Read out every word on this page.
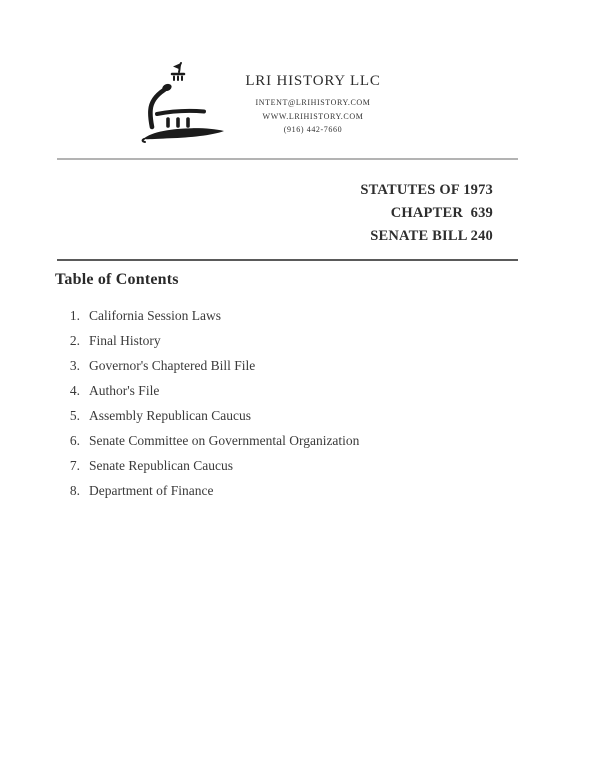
LRI HISTORY LLC
INTENT@LRIHISTORY.COM
WWW.LRIHISTORY.COM
(916) 442-7660
STATUTES OF 1973
CHAPTER  639
SENATE BILL 240
Table of Contents
1. California Session Laws
2. Final History
3. Governor's Chaptered Bill File
4. Author's File
5. Assembly Republican Caucus
6. Senate Committee on Governmental Organization
7. Senate Republican Caucus
8. Department of Finance
